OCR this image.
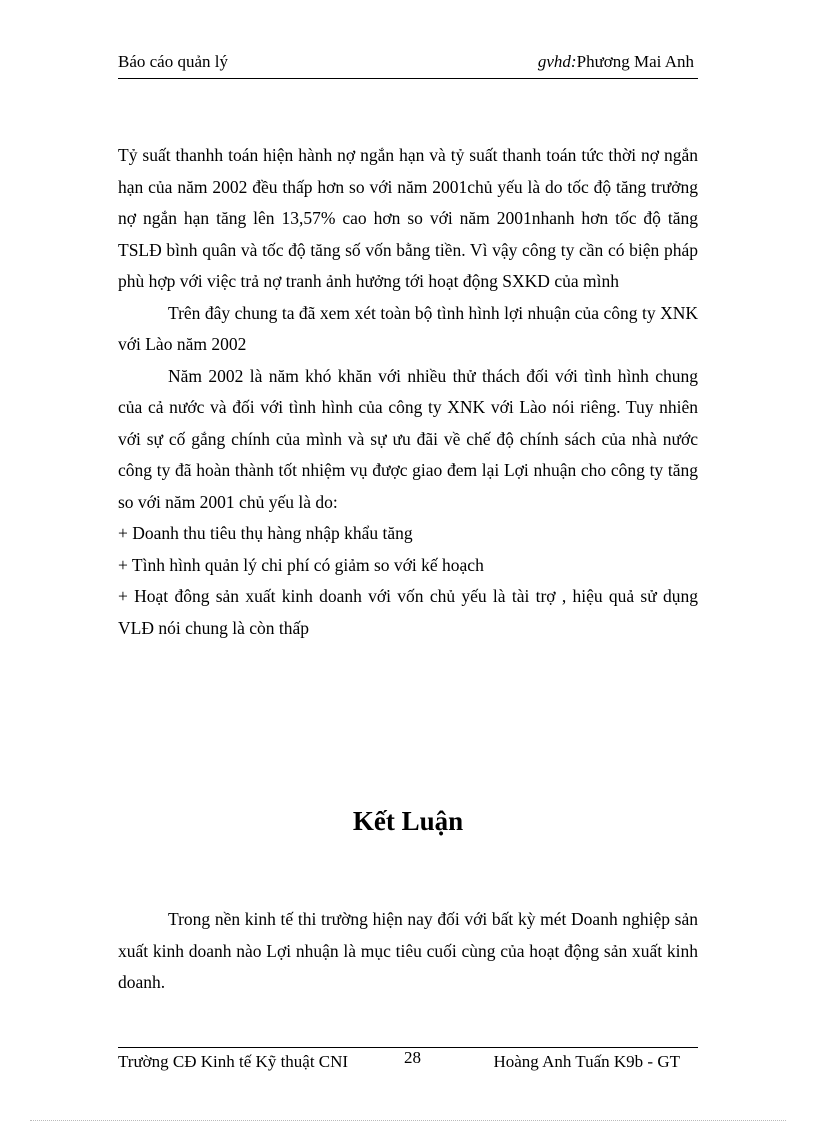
Báo cáo quản lý	gvhd:Phương Mai Anh

Tỷ suất thanhh toán hiện hành nợ ngắn hạn và tỷ suất thanh toán tức thời nợ ngắn hạn của năm 2002 đều thấp hơn so với năm 2001chủ yếu là do tốc độ tăng trưởng nợ ngắn hạn tăng lên 13,57% cao hơn so với năm 2001nhanh hơn tốc độ tăng TSLĐ bình quân và tốc độ tăng số vốn bằng tiền. Vì vậy công ty cần có biện pháp phù hợp với việc trả nợ tranh ảnh hưởng tới hoạt động SXKD của mình

Trên đây chung ta đã xem xét toàn bộ tình hình lợi nhuận của công ty XNK với Lào năm 2002

Năm 2002 là năm khó khăn với nhiều thử thách đối với tình hình chung của cả nước và đối với tình hình của công ty XNK với Lào nói riêng. Tuy nhiên với sự cố gắng chính của mình và sự ưu đãi về chế độ chính sách của nhà nước công ty đã hoàn thành tốt nhiệm vụ được giao đem lại Lợi nhuận cho công ty tăng so với năm 2001 chủ yếu là do:

+ Doanh thu tiêu thụ hàng nhập khẩu tăng

+ Tình hình quản lý chi phí có giảm so với kế hoạch

+ Hoạt đông sản xuất kinh doanh với vốn chủ yếu là tài trợ , hiệu quả sử dụng VLĐ nói chung là còn thấp

Kết Luận

Trong nền kinh tế thi trường hiện nay đối với bất kỳ mét Doanh nghiệp sản xuất kinh doanh nào Lợi nhuận là mục tiêu cuối cùng của hoạt động sản xuất kinh doanh.

Trường CĐ Kinh tế Kỹ thuật CNI	28	Hoàng Anh Tuấn K9b - GT
